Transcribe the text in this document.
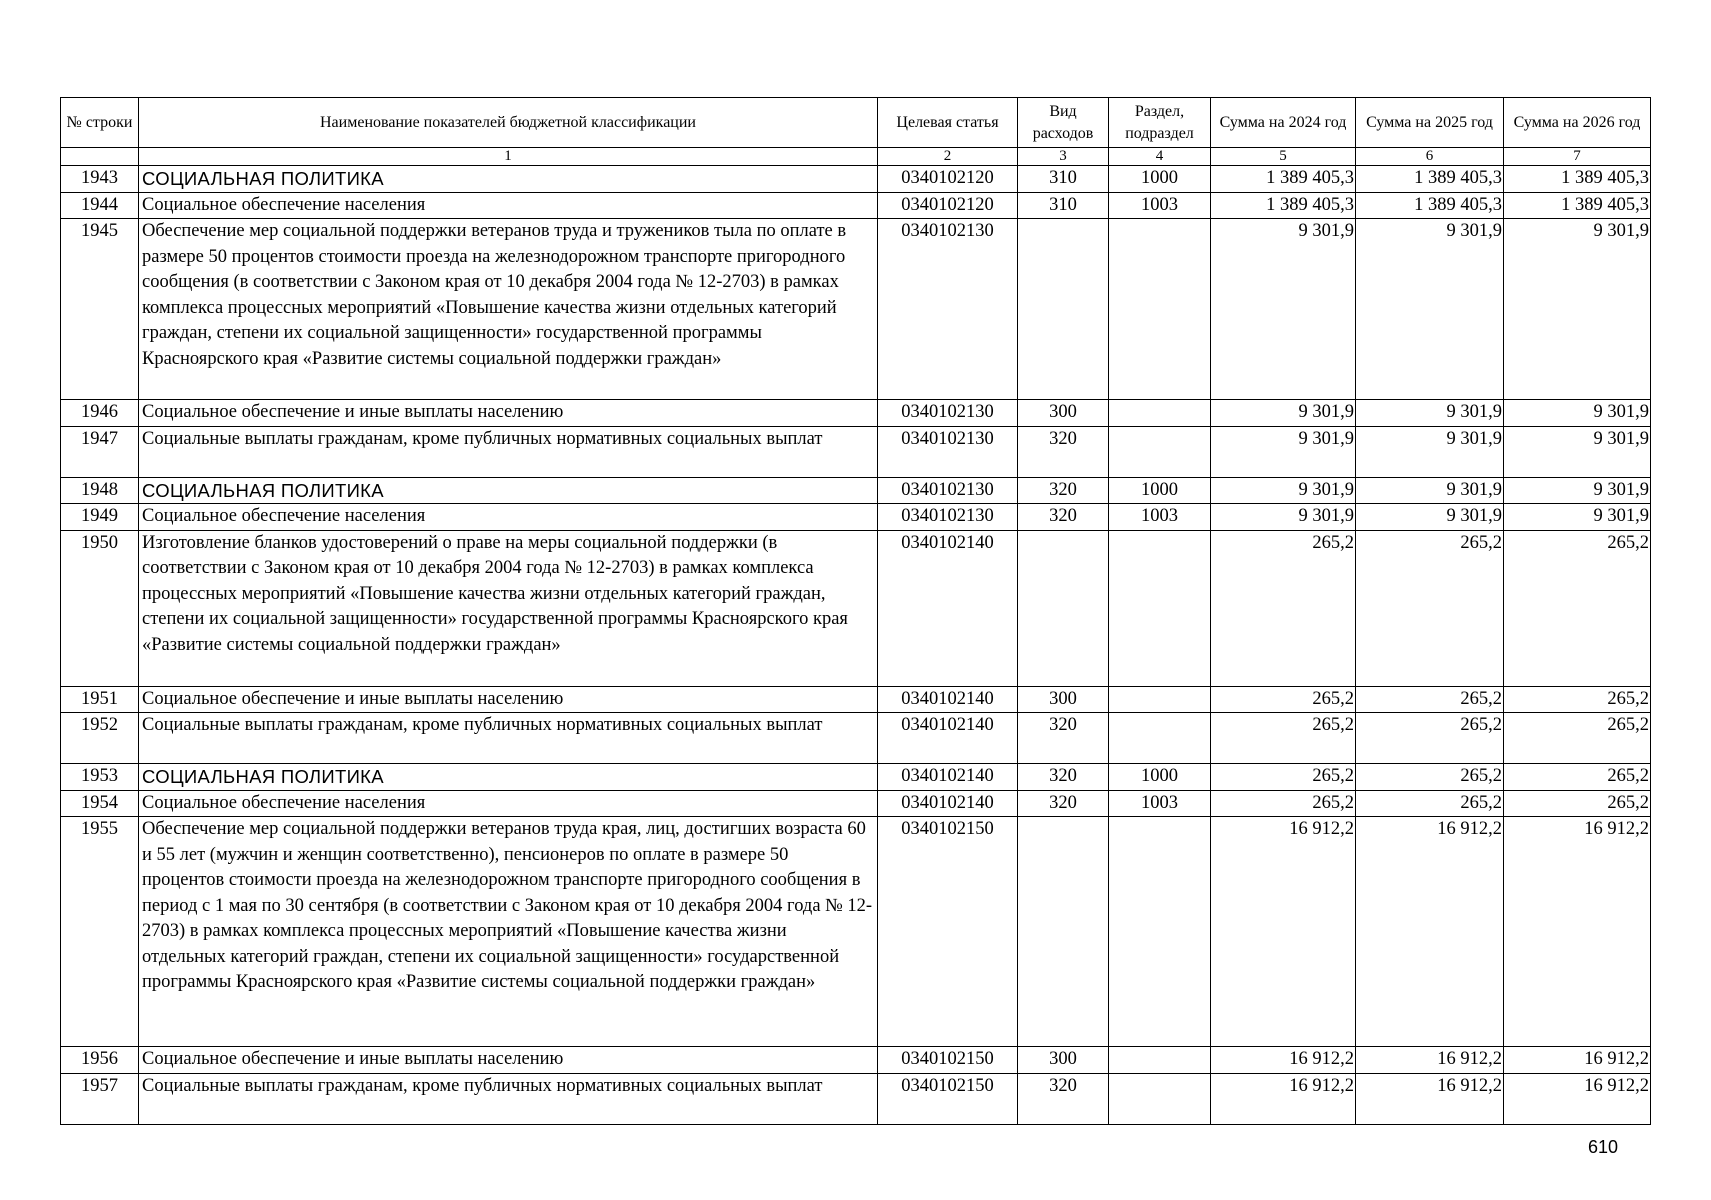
№ строки	Наименование показателей бюджетной классификации	Целевая статья	Вид расходов	Раздел, подраздел	Сумма на 2024 год	Сумма на 2025 год	Сумма на 2026 год
	1	2	3	4	5	6	7
1943	СОЦИАЛЬНАЯ ПОЛИТИКА	0340102120	310	1000	1 389 405,3	1 389 405,3	1 389 405,3
1944	Социальное обеспечение населения	0340102120	310	1003	1 389 405,3	1 389 405,3	1 389 405,3
1945	Обеспечение мер социальной поддержки ветеранов труда и тружеников тыла по оплате в размере 50 процентов стоимости проезда на железнодорожном транспорте пригородного сообщения (в соответствии с Законом края от 10 декабря 2004 года № 12-2703) в рамках комплекса процессных мероприятий «Повышение качества жизни отдельных категорий граждан, степени их социальной защищенности» государственной программы Красноярского края «Развитие системы социальной поддержки граждан»	0340102130			9 301,9	9 301,9	9 301,9
1946	Социальное обеспечение и иные выплаты населению	0340102130	300		9 301,9	9 301,9	9 301,9
1947	Социальные выплаты гражданам, кроме публичных нормативных социальных выплат	0340102130	320		9 301,9	9 301,9	9 301,9
1948	СОЦИАЛЬНАЯ ПОЛИТИКА	0340102130	320	1000	9 301,9	9 301,9	9 301,9
1949	Социальное обеспечение населения	0340102130	320	1003	9 301,9	9 301,9	9 301,9
1950	Изготовление бланков удостоверений о праве на меры социальной поддержки (в соответствии с Законом края от 10 декабря 2004 года № 12-2703) в рамках комплекса процессных мероприятий «Повышение качества жизни отдельных категорий граждан, степени их социальной защищенности» государственной программы Красноярского края «Развитие системы социальной поддержки граждан»	0340102140			265,2	265,2	265,2
1951	Социальное обеспечение и иные выплаты населению	0340102140	300		265,2	265,2	265,2
1952	Социальные выплаты гражданам, кроме публичных нормативных социальных выплат	0340102140	320		265,2	265,2	265,2
1953	СОЦИАЛЬНАЯ ПОЛИТИКА	0340102140	320	1000	265,2	265,2	265,2
1954	Социальное обеспечение населения	0340102140	320	1003	265,2	265,2	265,2
1955	Обеспечение мер социальной поддержки ветеранов труда края, лиц, достигших возраста 60 и 55 лет (мужчин и женщин соответственно), пенсионеров по оплате в размере 50 процентов стоимости проезда на железнодорожном транспорте пригородного сообщения в период с 1 мая по 30 сентября (в соответствии с Законом края от 10 декабря 2004 года № 12-2703) в рамках комплекса процессных мероприятий «Повышение качества жизни отдельных категорий граждан, степени их социальной защищенности» государственной программы Красноярского края «Развитие системы социальной поддержки граждан»	0340102150			16 912,2	16 912,2	16 912,2
1956	Социальное обеспечение и иные выплаты населению	0340102150	300		16 912,2	16 912,2	16 912,2
1957	Социальные выплаты гражданам, кроме публичных нормативных социальных выплат	0340102150	320		16 912,2	16 912,2	16 912,2
610
